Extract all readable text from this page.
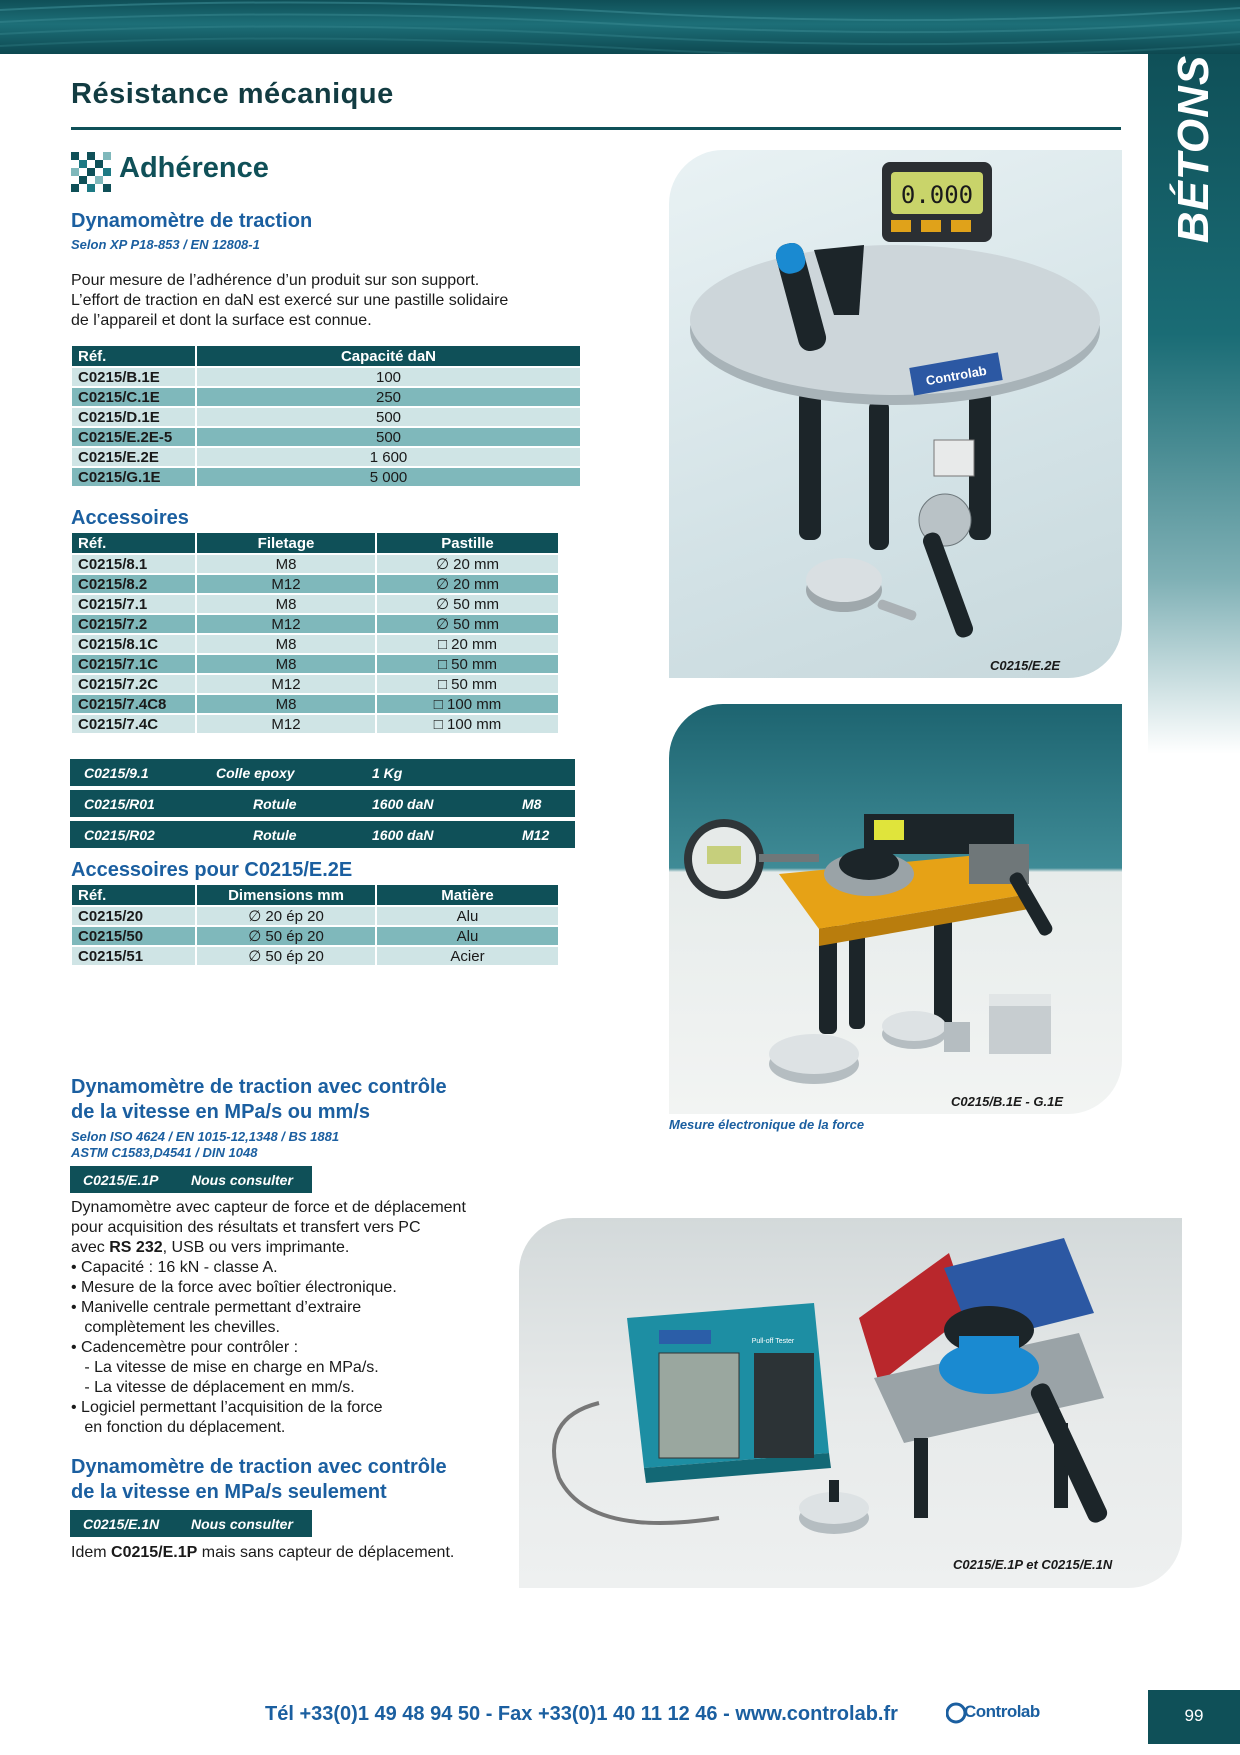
BÉTONS
Résistance mécanique
Adhérence
Dynamomètre de traction
Selon XP P18-853 / EN 12808-1
Pour mesure de l’adhérence d’un produit sur son support.
L’effort de traction en daN est exercé sur une pastille solidaire
de l’appareil et dont la surface est connue.
Réf.	Capacité daN
C0215/B.1E	100
C0215/C.1E	250
C0215/D.1E	500
C0215/E.2E-5	500
C0215/E.2E	1 600
C0215/G.1E	5 000
Accessoires
Réf.	Filetage	Pastille
C0215/8.1	M8	∅ 20 mm
C0215/8.2	M12	∅ 20 mm
C0215/7.1	M8	∅ 50 mm
C0215/7.2	M12	∅ 50 mm
C0215/8.1C	M8	□ 20 mm
C0215/7.1C	M8	□ 50 mm
C0215/7.2C	M12	□ 50 mm
C0215/7.4C8	M8	□ 100 mm
C0215/7.4C	M12	□ 100 mm
C0215/9.1	Colle epoxy	1 Kg
C0215/R01	Rotule	1600 daN	M8
C0215/R02	Rotule	1600 daN	M12
Accessoires pour C0215/E.2E
Réf.	Dimensions mm	Matière
C0215/20	∅ 20 ép 20	Alu
C0215/50	∅ 50 ép 20	Alu
C0215/51	∅ 50 ép 20	Acier
Dynamomètre de traction avec contrôle
de la vitesse en MPa/s ou mm/s
Selon ISO 4624 / EN 1015-12,1348 / BS 1881
ASTM C1583,D4541 / DIN 1048
C0215/E.1P Nous consulter
Dynamomètre avec capteur de force et de déplacement
pour acquisition des résultats et transfert vers PC
avec RS 232, USB ou vers imprimante.
• Capacité : 16 kN - classe A.
• Mesure de la force avec boîtier électronique.
• Manivelle centrale permettant d’extraire
complètement les chevilles.
• Cadencemètre pour contrôler :
- La vitesse de mise en charge en MPa/s.
- La vitesse de déplacement en mm/s.
• Logiciel permettant l’acquisition de la force
en fonction du déplacement.
Dynamomètre de traction avec contrôle
de la vitesse en MPa/s seulement
C0215/E.1N Nous consulter
Idem C0215/E.1P mais sans capteur de déplacement.
0.000
Controlab
C0215/E.2E
C0215/B.1E - G.1E
Mesure électronique de la force
Pull-off Tester
C0215/E.1P et C0215/E.1N
Tél +33(0)1 49 48 94 50 - Fax +33(0)1 40 11 12 46 - www.controlab.fr	Controlab	99
